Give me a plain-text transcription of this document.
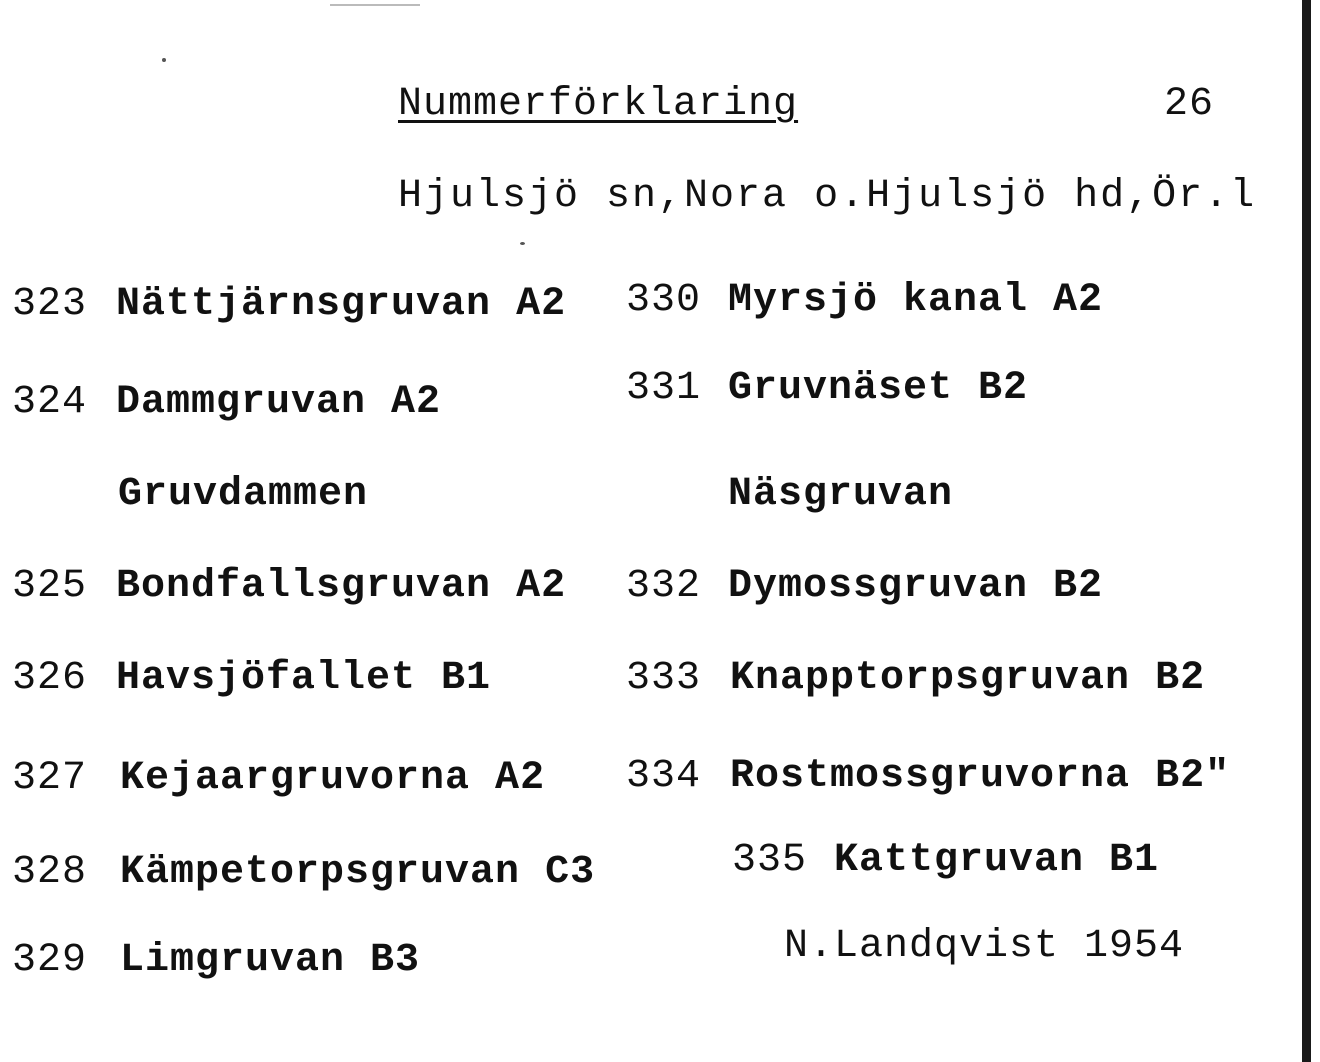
Nummerförklaring	26
Hjulsjö sn,Nora o.Hjulsjö hd,Ör.l
323 Nättjärnsgruvan A2
324 Dammgruvan A2
Gruvdammen
325 Bondfallsgruvan A2
326 Havsjöfallet B1
327 Kejaargruvorna A2
328 Kämpetorpsgruvan C3
329 Limgruvan B3
330 Myrsjö kanal A2
331 Gruvnäset B2
Näsgruvan
332 Dymossgruvan B2
333 Knapptorpsgruvan B2
334 Rostmossgruvorna B2"
335 Kattgruvan B1
N.Landqvist 1954
